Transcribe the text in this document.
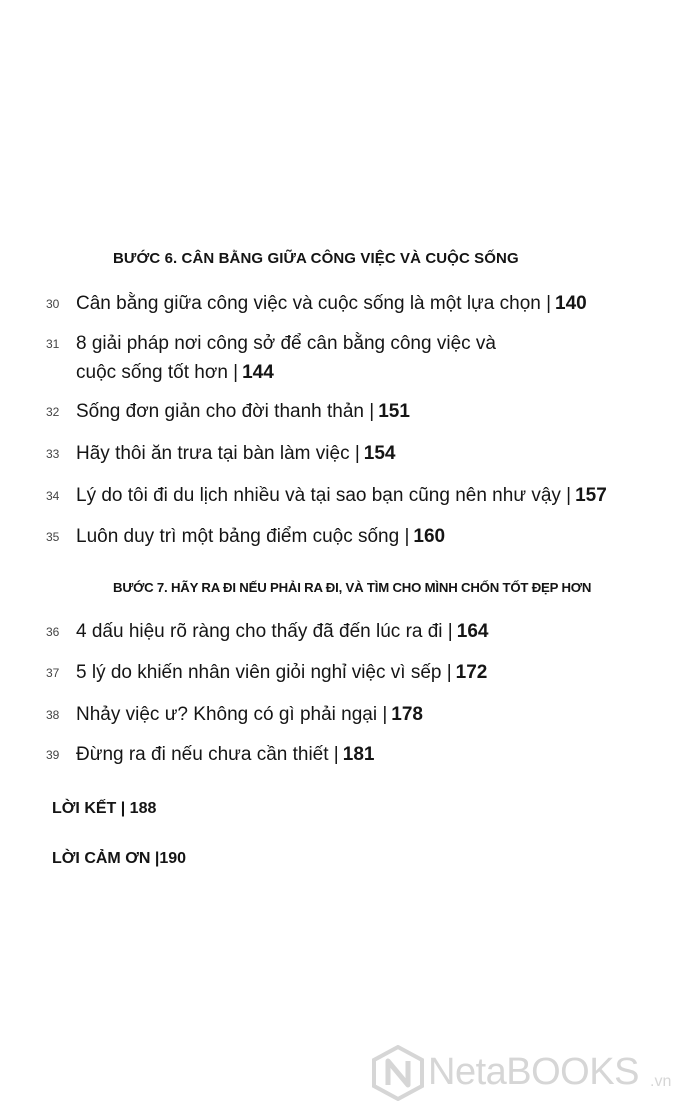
BƯỚC 6. CÂN BẰNG GIỮA CÔNG VIỆC VÀ CUỘC SỐNG
30 Cân bằng giữa công việc và cuộc sống là một lựa chọn | 140
31 8 giải pháp nơi công sở để cân bằng công việc và
cuộc sống tốt hơn | 144
32 Sống đơn giản cho đời thanh thản | 151
33 Hãy thôi ăn trưa tại bàn làm việc | 154
34 Lý do tôi đi du lịch nhiều và tại sao bạn cũng nên như vậy | 157
35 Luôn duy trì một bảng điểm cuộc sống | 160
BƯỚC 7. HÃY RA ĐI NẾU PHẢI RA ĐI, VÀ TÌM CHO MÌNH CHỐN TỐT ĐẸP HƠN
36 4 dấu hiệu rõ ràng cho thấy đã đến lúc ra đi | 164
37 5 lý do khiến nhân viên giỏi nghỉ việc vì sếp | 172
38 Nhảy việc ư? Không có gì phải ngại | 178
39 Đừng ra đi nếu chưa cần thiết | 181
LỜI KẾT | 188
LỜI CẢM ƠN |190
NetaBOOKS .vn
